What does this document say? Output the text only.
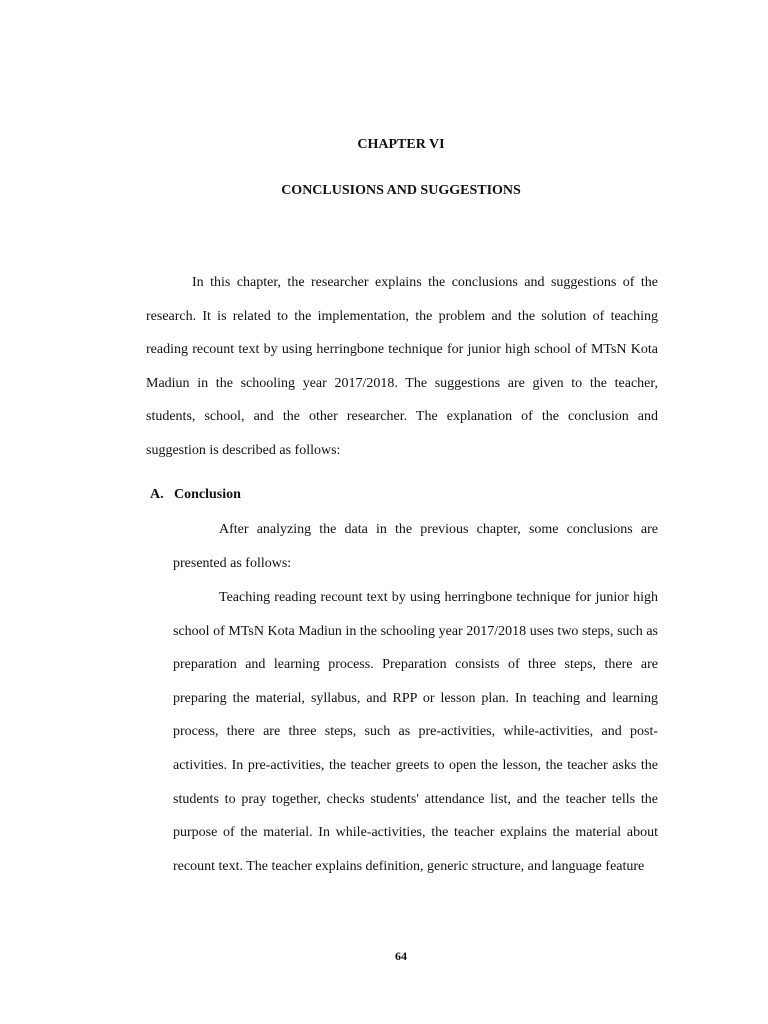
CHAPTER VI
CONCLUSIONS AND SUGGESTIONS

In this chapter, the researcher explains the conclusions and suggestions of the research. It is related to the implementation, the problem and the solution of teaching reading recount text by using herringbone technique for junior high school of MTsN Kota Madiun in the schooling year 2017/2018. The suggestions are given to the teacher, students, school, and the other researcher. The explanation of the conclusion and suggestion is described as follows:

A. Conclusion

After analyzing the data in the previous chapter, some conclusions are presented as follows:

Teaching reading recount text by using herringbone technique for junior high school of MTsN Kota Madiun in the schooling year 2017/2018 uses two steps, such as preparation and learning process. Preparation consists of three steps, there are preparing the material, syllabus, and RPP or lesson plan. In teaching and learning process, there are three steps, such as pre-activities, while-activities, and post-activities. In pre-activities, the teacher greets to open the lesson, the teacher asks the students to pray together, checks students' attendance list, and the teacher tells the purpose of the material. In while-activities, the teacher explains the material about recount text. The teacher explains definition, generic structure, and language feature

64
